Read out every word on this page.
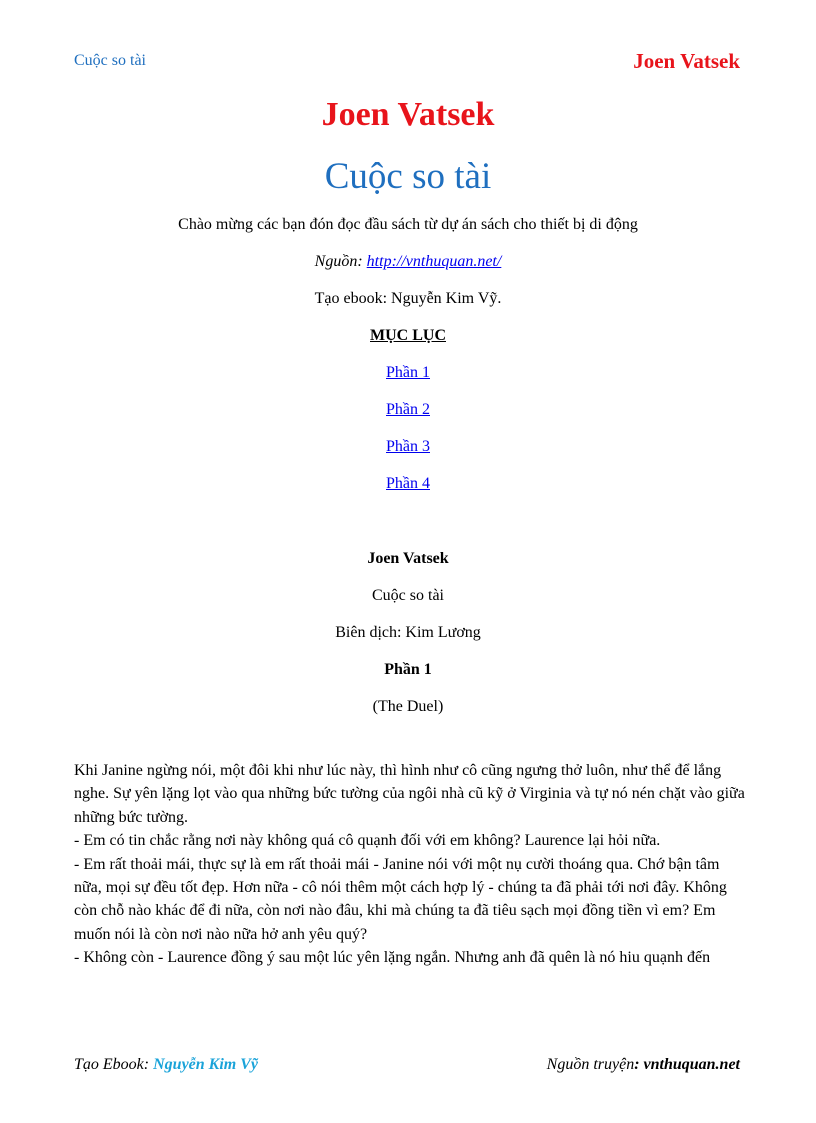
Cuộc so tài	Joen Vatsek
Joen Vatsek
Cuộc so tài
Chào mừng các bạn đón đọc đầu sách từ dự án sách cho thiết bị di động
Nguồn: http://vnthuquan.net/
Tạo ebook: Nguyễn Kim Vỹ.
MỤC LỤC
Phần 1
Phần 2
Phần 3
Phần 4
Joen Vatsek
Cuộc so tài
Biên dịch: Kim Lương
Phần 1
(The Duel)

Khi Janine ngừng nói, một đôi khi như lúc này, thì hình như cô cũng ngưng thở luôn, như thể để lắng nghe. Sự yên lặng lọt vào qua những bức tường của ngôi nhà cũ kỹ ở Virginia và tự nó nén chặt vào giữa những bức tường.

- Em có tin chắc rằng nơi này không quá cô quạnh đối với em không? Laurence lại hỏi nữa.

- Em rất thoải mái, thực sự là em rất thoải mái - Janine nói với một nụ cười thoáng qua. Chớ bận tâm nữa, mọi sự đều tốt đẹp. Hơn nữa - cô nói thêm một cách hợp lý - chúng ta đã phải tới nơi đây. Không còn chỗ nào khác để đi nữa, còn nơi nào đâu, khi mà chúng ta đã tiêu sạch mọi đồng tiền vì em? Em muốn nói là còn nơi nào nữa hở anh yêu quý?

- Không còn - Laurence đồng ý sau một lúc yên lặng ngắn. Nhưng anh đã quên là nó hiu quạnh đến

Tạo Ebook: Nguyễn Kim Vỹ	Nguồn truyện: vnthuquan.net
